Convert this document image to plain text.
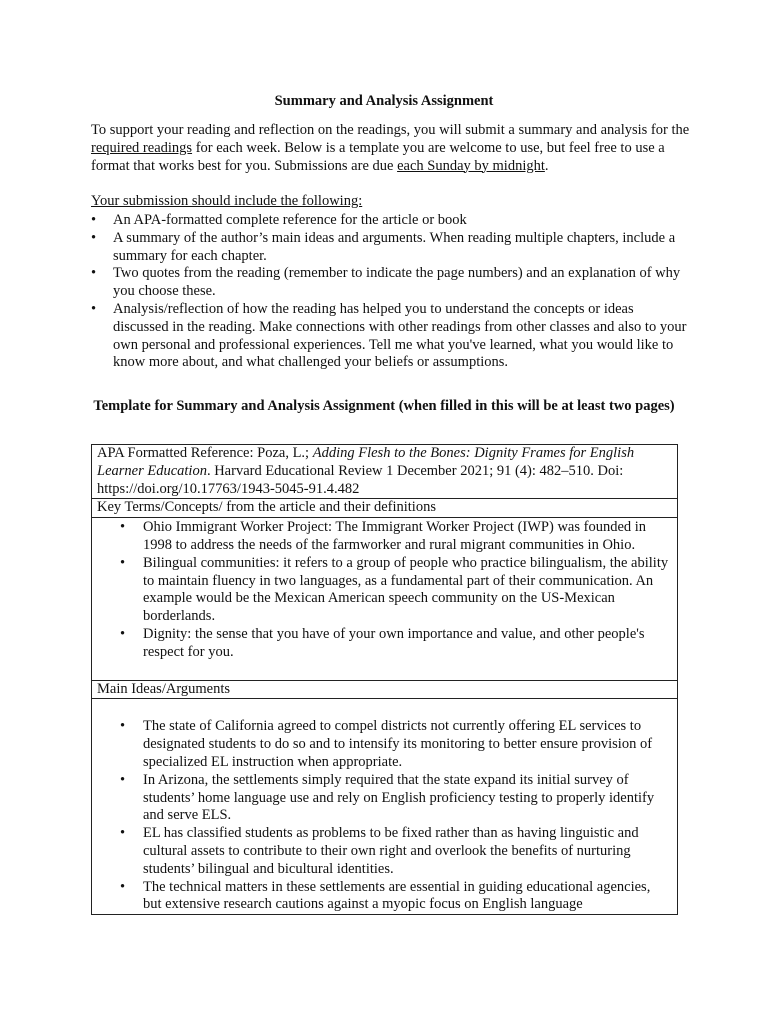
Summary and Analysis Assignment

To support your reading and reflection on the readings, you will submit a summary and analysis for the required readings for each week. Below is a template you are welcome to use, but feel free to use a format that works best for you. Submissions are due each Sunday by midnight.

Your submission should include the following:

• An APA-formatted complete reference for the article or book
• A summary of the author’s main ideas and arguments. When reading multiple chapters, include a summary for each chapter.
• Two quotes from the reading (remember to indicate the page numbers) and an explanation of why you choose these.
• Analysis/reflection of how the reading has helped you to understand the concepts or ideas discussed in the reading. Make connections with other readings from other classes and also to your own personal and professional experiences. Tell me what you've learned, what you would like to know more about, and what challenged your beliefs or assumptions.
Template for Summary and Analysis Assignment (when filled in this will be at least two pages)
APA Formatted Reference: Poza, L.; Adding Flesh to the Bones: Dignity Frames for English Learner Education. Harvard Educational Review 1 December 2021; 91 (4): 482–510. Doi: https://doi.org/10.17763/1943-5045-91.4.482
Key Terms/Concepts/ from the article and their definitions

• Ohio Immigrant Worker Project: The Immigrant Worker Project (IWP) was founded in 1998 to address the needs of the farmworker and rural migrant communities in Ohio.
• Bilingual communities: it refers to a group of people who practice bilingualism, the ability to maintain fluency in two languages, as a fundamental part of their communication. An example would be the Mexican American speech community on the US-Mexican borderlands.
• Dignity: the sense that you have of your own importance and value, and other people's respect for you.

Main Ideas/Arguments

• The state of California agreed to compel districts not currently offering EL services to designated students to do so and to intensify its monitoring to better ensure provision of specialized EL instruction when appropriate.
• In Arizona, the settlements simply required that the state expand its initial survey of students’ home language use and rely on English proficiency testing to properly identify and serve ELS.
• EL has classified students as problems to be fixed rather than as having linguistic and cultural assets to contribute to their own right and overlook the benefits of nurturing students’ bilingual and bicultural identities.
• The technical matters in these settlements are essential in guiding educational agencies, but extensive research cautions against a myopic focus on English language
